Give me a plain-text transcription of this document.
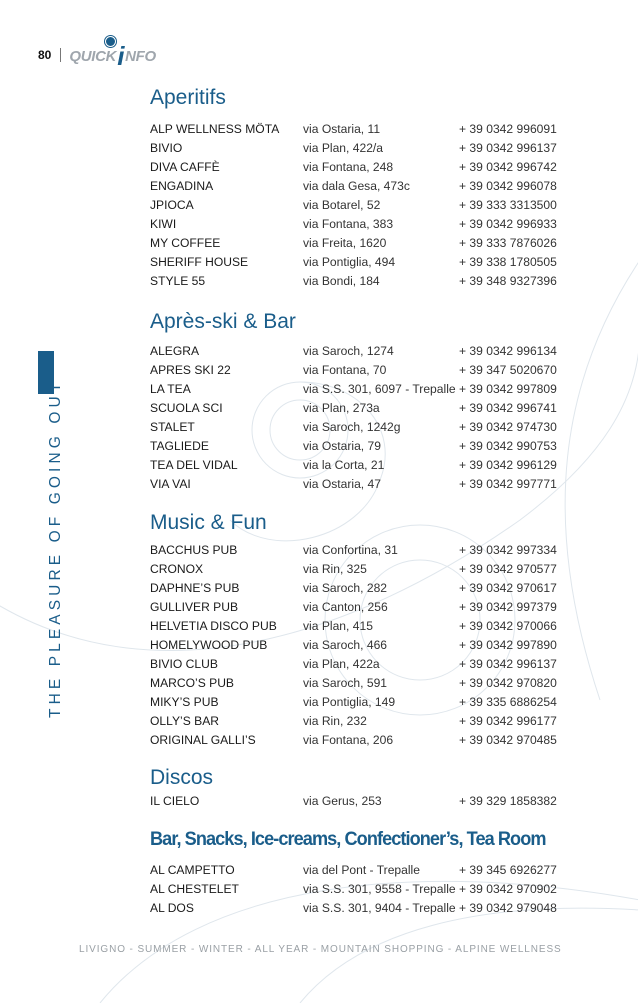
80 QUICK i NFO
THE PLEASURE OF GOING OUT
Aperitifs
ALP WELLNESS MÖTA via Ostaria, 11	+ 39 0342 996091
BIVIO	via Plan, 422/a	+ 39 0342 996137
DIVA CAFFÈ	via Fontana, 248	+ 39 0342 996742
ENGADINA	via dala Gesa, 473c	+ 39 0342 996078
JPIOCA	via Botarel, 52	+ 39 333 3313500
KIWI	via Fontana, 383	+ 39 0342 996933
MY COFFEE	via Freita, 1620	+ 39 333 7876026
SHERIFF HOUSE	via Pontiglia, 494	+ 39 338 1780505
STYLE 55	via Bondi, 184	+ 39 348 9327396
Après-ski & Bar
ALEGRA	via Saroch, 1274	+ 39 0342 996134
APRES SKI 22	via Fontana, 70	+ 39 347 5020670
LA TEA	via S.S. 301, 6097 - Trepalle + 39 0342 997809
SCUOLA SCI	via Plan, 273a	+ 39 0342 996741
STALET	via Saroch, 1242g	+ 39 0342 974730
TAGLIEDE	via Ostaria, 79	+ 39 0342 990753
TEA DEL VIDAL	via la Corta, 21	+ 39 0342 996129
VIA VAI	via Ostaria, 47	+ 39 0342 997771
Music & Fun
BACCHUS PUB	via Confortina, 31	+ 39 0342 997334
CRONOX	via Rin, 325	+ 39 0342 970577
DAPHNE’S PUB	via Saroch, 282	+ 39 0342 970617
GULLIVER PUB	via Canton, 256	+ 39 0342 997379
HELVETIA DISCO PUB via Plan, 415	+ 39 0342 970066
HOMELYWOOD PUB	via Saroch, 466	+ 39 0342 997890
BIVIO CLUB	via Plan, 422a	+ 39 0342 996137
MARCO’S PUB	via Saroch, 591	+ 39 0342 970820
MIKY’S PUB	via Pontiglia, 149	+ 39 335 6886254
OLLY’S BAR	via Rin, 232	+ 39 0342 996177
ORIGINAL GALLI’S	via Fontana, 206	+ 39 0342 970485
Discos
IL CIELO	via Gerus, 253	+ 39 329 1858382
Bar, Snacks, Ice-creams, Confectioner’s, Tea Room
AL CAMPETTO	via del Pont - Trepalle	+ 39 345 6926277
AL CHESTELET	via S.S. 301, 9558 - Trepalle + 39 0342 970902
AL DOS	via S.S. 301, 9404 - Trepalle + 39 0342 979048
LIVIGNO - SUMMER - WINTER - ALL YEAR - MOUNTAIN SHOPPING - ALPINE WELLNESS
